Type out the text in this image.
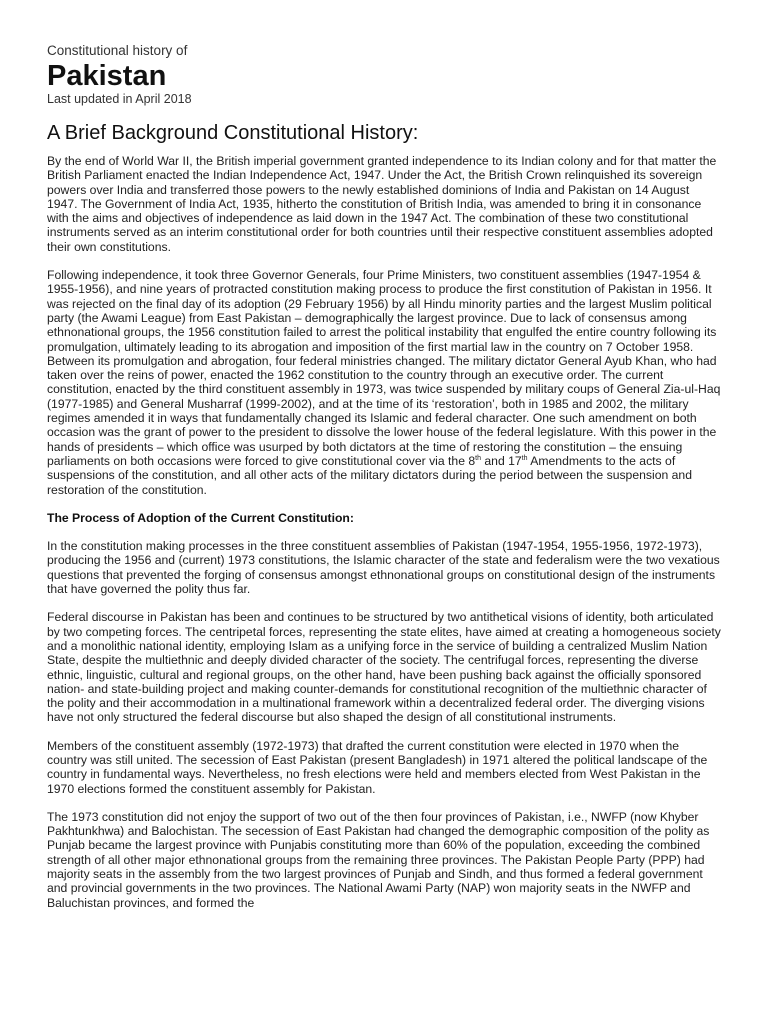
Constitutional history of

Pakistan

Last updated in April 2018

A Brief Background Constitutional History:

By the end of World War II, the British imperial government granted independence to its Indian colony and for that matter the British Parliament enacted the Indian Independence Act, 1947. Under the Act, the British Crown relinquished its sovereign powers over India and transferred those powers to the newly established dominions of India and Pakistan on 14 August 1947. The Government of India Act, 1935, hitherto the constitution of British India, was amended to bring it in consonance with the aims and objectives of independence as laid down in the 1947 Act. The combination of these two constitutional instruments served as an interim constitutional order for both countries until their respective constituent assemblies adopted their own constitutions.

Following independence, it took three Governor Generals, four Prime Ministers, two constituent assemblies (1947-1954 & 1955-1956), and nine years of protracted constitution making process to produce the first constitution of Pakistan in 1956. It was rejected on the final day of its adoption (29 February 1956) by all Hindu minority parties and the largest Muslim political party (the Awami League) from East Pakistan – demographically the largest province. Due to lack of consensus among ethnonational groups, the 1956 constitution failed to arrest the political instability that engulfed the entire country following its promulgation, ultimately leading to its abrogation and imposition of the first martial law in the country on 7 October 1958. Between its promulgation and abrogation, four federal ministries changed. The military dictator General Ayub Khan, who had taken over the reins of power, enacted the 1962 constitution to the country through an executive order. The current constitution, enacted by the third constituent assembly in 1973, was twice suspended by military coups of General Zia-ul-Haq (1977-1985) and General Musharraf (1999-2002), and at the time of its ‘restoration’, both in 1985 and 2002, the military regimes amended it in ways that fundamentally changed its Islamic and federal character. One such amendment on both occasion was the grant of power to the president to dissolve the lower house of the federal legislature. With this power in the hands of presidents – which office was usurped by both dictators at the time of restoring the constitution – the ensuing parliaments on both occasions were forced to give constitutional cover via the 8th and 17th Amendments to the acts of suspensions of the constitution, and all other acts of the military dictators during the period between the suspension and restoration of the constitution.

The Process of Adoption of the Current Constitution:

In the constitution making processes in the three constituent assemblies of Pakistan (1947-1954, 1955-1956, 1972-1973), producing the 1956 and (current) 1973 constitutions, the Islamic character of the state and federalism were the two vexatious questions that prevented the forging of consensus amongst ethnonational groups on constitutional design of the instruments that have governed the polity thus far.

Federal discourse in Pakistan has been and continues to be structured by two antithetical visions of identity, both articulated by two competing forces. The centripetal forces, representing the state elites, have aimed at creating a homogeneous society and a monolithic national identity, employing Islam as a unifying force in the service of building a centralized Muslim Nation State, despite the multiethnic and deeply divided character of the society. The centrifugal forces, representing the diverse ethnic, linguistic, cultural and regional groups, on the other hand, have been pushing back against the officially sponsored nation- and state-building project and making counter-demands for constitutional recognition of the multiethnic character of the polity and their accommodation in a multinational framework within a decentralized federal order. The diverging visions have not only structured the federal discourse but also shaped the design of all constitutional instruments.

Members of the constituent assembly (1972-1973) that drafted the current constitution were elected in 1970 when the country was still united. The secession of East Pakistan (present Bangladesh) in 1971 altered the political landscape of the country in fundamental ways. Nevertheless, no fresh elections were held and members elected from West Pakistan in the 1970 elections formed the constituent assembly for Pakistan.

The 1973 constitution did not enjoy the support of two out of the then four provinces of Pakistan, i.e., NWFP (now Khyber Pakhtunkhwa) and Balochistan. The secession of East Pakistan had changed the demographic composition of the polity as Punjab became the largest province with Punjabis constituting more than 60% of the population, exceeding the combined strength of all other major ethnonational groups from the remaining three provinces. The Pakistan People Party (PPP) had majority seats in the assembly from the two largest provinces of Punjab and Sindh, and thus formed a federal government and provincial governments in the two provinces. The National Awami Party (NAP) won majority seats in the NWFP and Baluchistan provinces, and formed the
